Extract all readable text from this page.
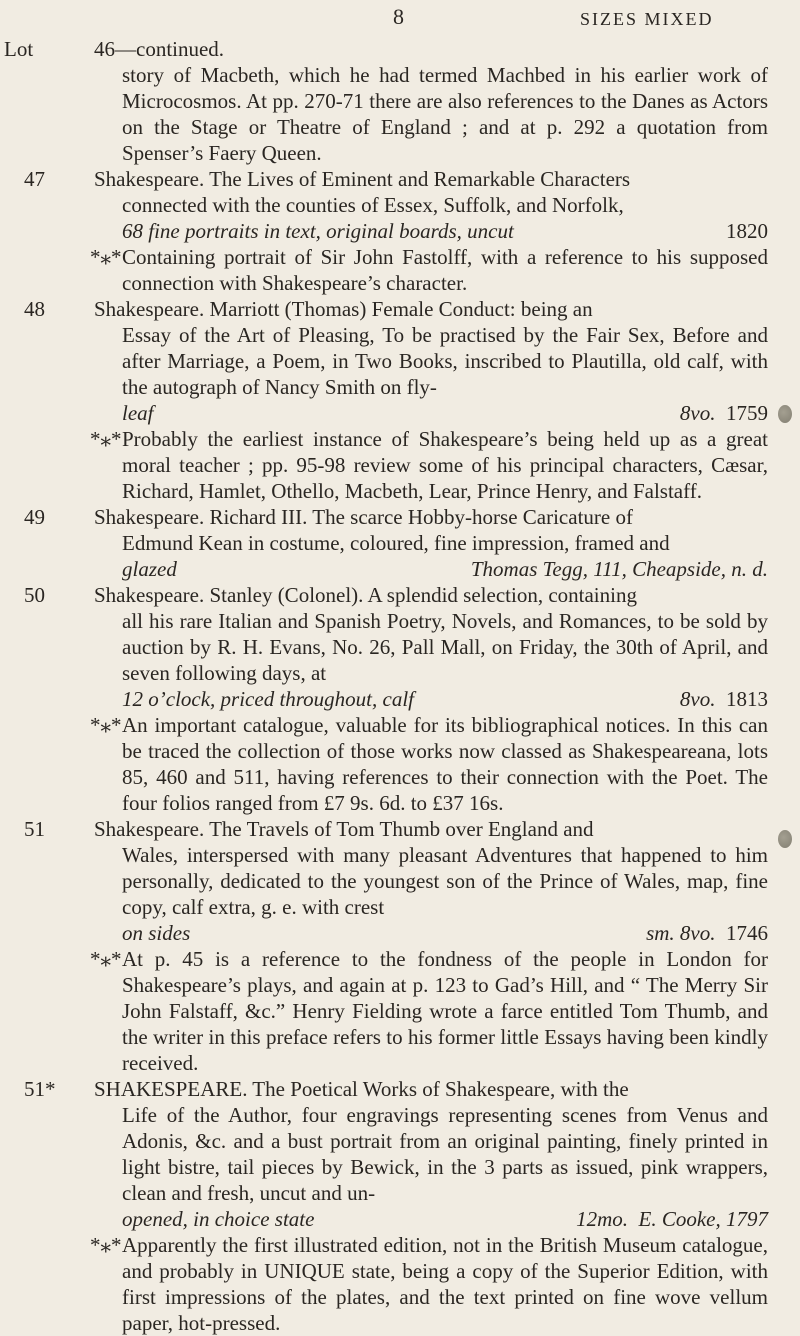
8	SIZES MIXED
Lot	46—continued.
story of Macbeth, which he had termed Machbed in his earlier work of Microcosmos. At pp. 270-71 there are also references to the Danes as Actors on the Stage or Theatre of England ; and at p. 292 a quotation from Spenser’s Faery Queen.
47	Shakespeare. The Lives of Eminent and Remarkable Characters
connected with the counties of Essex, Suffolk, and Norfolk,
68 fine portraits in text, original boards, uncut	1820
*⁎* Containing portrait of Sir John Fastolff, with a reference to his supposed connection with Shakespeare’s character.
48	Shakespeare. Marriott (Thomas) Female Conduct: being an
Essay of the Art of Pleasing, To be practised by the Fair Sex, Before and after Marriage, a Poem, in Two Books, inscribed to Plautilla, old calf, with the autograph of Nancy Smith on fly-
leaf	8vo. 1759
*⁎* Probably the earliest instance of Shakespeare’s being held up as a great moral teacher ; pp. 95-98 review some of his principal characters, Cæsar, Richard, Hamlet, Othello, Macbeth, Lear, Prince Henry, and Falstaff.
49	Shakespeare. Richard III. The scarce Hobby-horse Caricature of
Edmund Kean in costume, coloured, fine impression, framed and
glazed	Thomas Tegg, 111, Cheapside, n. d.
50	Shakespeare. Stanley (Colonel). A splendid selection, containing
all his rare Italian and Spanish Poetry, Novels, and Romances, to be sold by auction by R. H. Evans, No. 26, Pall Mall, on Friday, the 30th of April, and seven following days, at
12 o’clock, priced throughout, calf	8vo. 1813
*⁎* An important catalogue, valuable for its bibliographical notices. In this can be traced the collection of those works now classed as Shakespeareana, lots 85, 460 and 511, having references to their connection with the Poet. The four folios ranged from £7 9s. 6d. to £37 16s.
51	Shakespeare. The Travels of Tom Thumb over England and
Wales, interspersed with many pleasant Adventures that happened to him personally, dedicated to the youngest son of the Prince of Wales, map, fine copy, calf extra, g. e. with crest
on sides	sm. 8vo. 1746
*⁎* At p. 45 is a reference to the fondness of the people in London for Shakespeare’s plays, and again at p. 123 to Gad’s Hill, and “ The Merry Sir John Falstaff, &c.” Henry Fielding wrote a farce entitled Tom Thumb, and the writer in this preface refers to his former little Essays having been kindly received.
51*	SHAKESPEARE. The Poetical Works of Shakespeare, with the
Life of the Author, four engravings representing scenes from Venus and Adonis, &c. and a bust portrait from an original painting, finely printed in light bistre, tail pieces by Bewick, in the 3 parts as issued, pink wrappers, clean and fresh, uncut and un-
opened, in choice state	12mo. E. Cooke, 1797
*⁎* Apparently the first illustrated edition, not in the British Museum catalogue, and probably in UNIQUE state, being a copy of the Superior Edition, with first impressions of the plates, and the text printed on fine wove vellum paper, hot-pressed.
